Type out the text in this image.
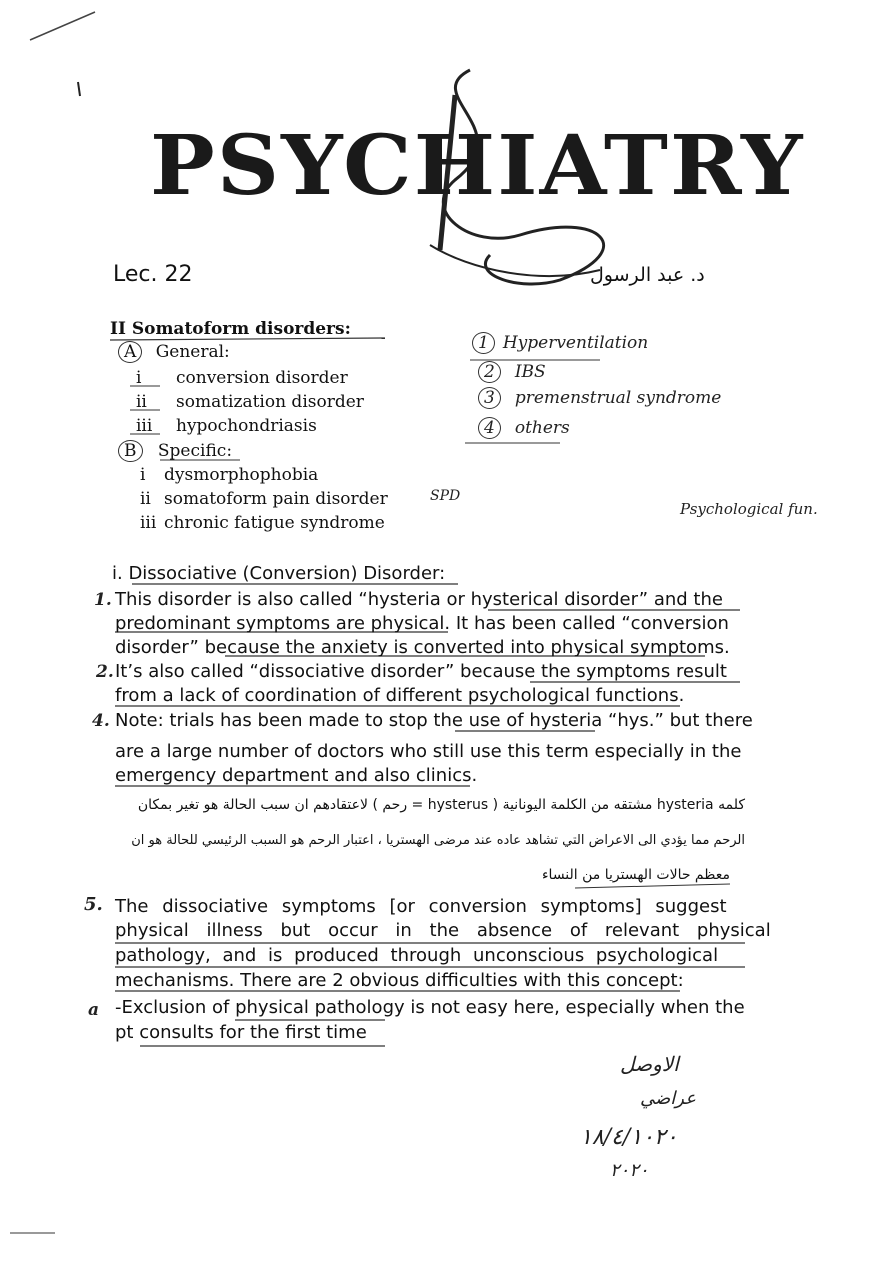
PSYCHIATRY
Lec. 22	د. عبد الرسول
II Somatoform disorders:
A General:
i conversion disorder
ii somatization disorder
iii hypochondriasis
B Specific:
i dysmorphophobia
ii somatoform pain disorder
iii chronic fatigue syndrome
SPD
1 Hyperventilation
2 IBS
3 premenstrual syndrome
4 others
Psychological fun.
i. Dissociative (Conversion) Disorder:
1. This disorder is also called “hysteria or hysterical disorder” and the
predominant symptoms are physical. It has been called “conversion
disorder” because the anxiety is converted into physical symptoms.
2. It’s also called “dissociative disorder” because the symptoms result
from a lack of coordination of different psychological functions.
4. Note: trials has been made to stop the use of hysteria “hys.” but there
are a large number of doctors who still use this term especially in the
emergency department and also clinics.
كلمه hysteria مشتقه من الكلمة اليونانية ( hysterus = رحم ) لاعتقادهم ان سبب الحالة هو تغير بمكان
الرحم مما يؤدي الى الاعراض التي تشاهد عاده عند مرضى الهستريا ، اعتبار الرحم هو السبب الرئيسي للحالة هو ان
معظم حالات الهستريا من النساء
5. The dissociative symptoms [or conversion symptoms] suggest
physical illness but occur in the absence of relevant physical
pathology, and is produced through unconscious psychological
mechanisms. There are 2 obvious difficulties with this concept:
a -Exclusion of physical pathology is not easy here, especially when the
pt consults for the first time
الاوصل
عراضي
١٨/٤/١٠٢٠
٢٠٢٠
